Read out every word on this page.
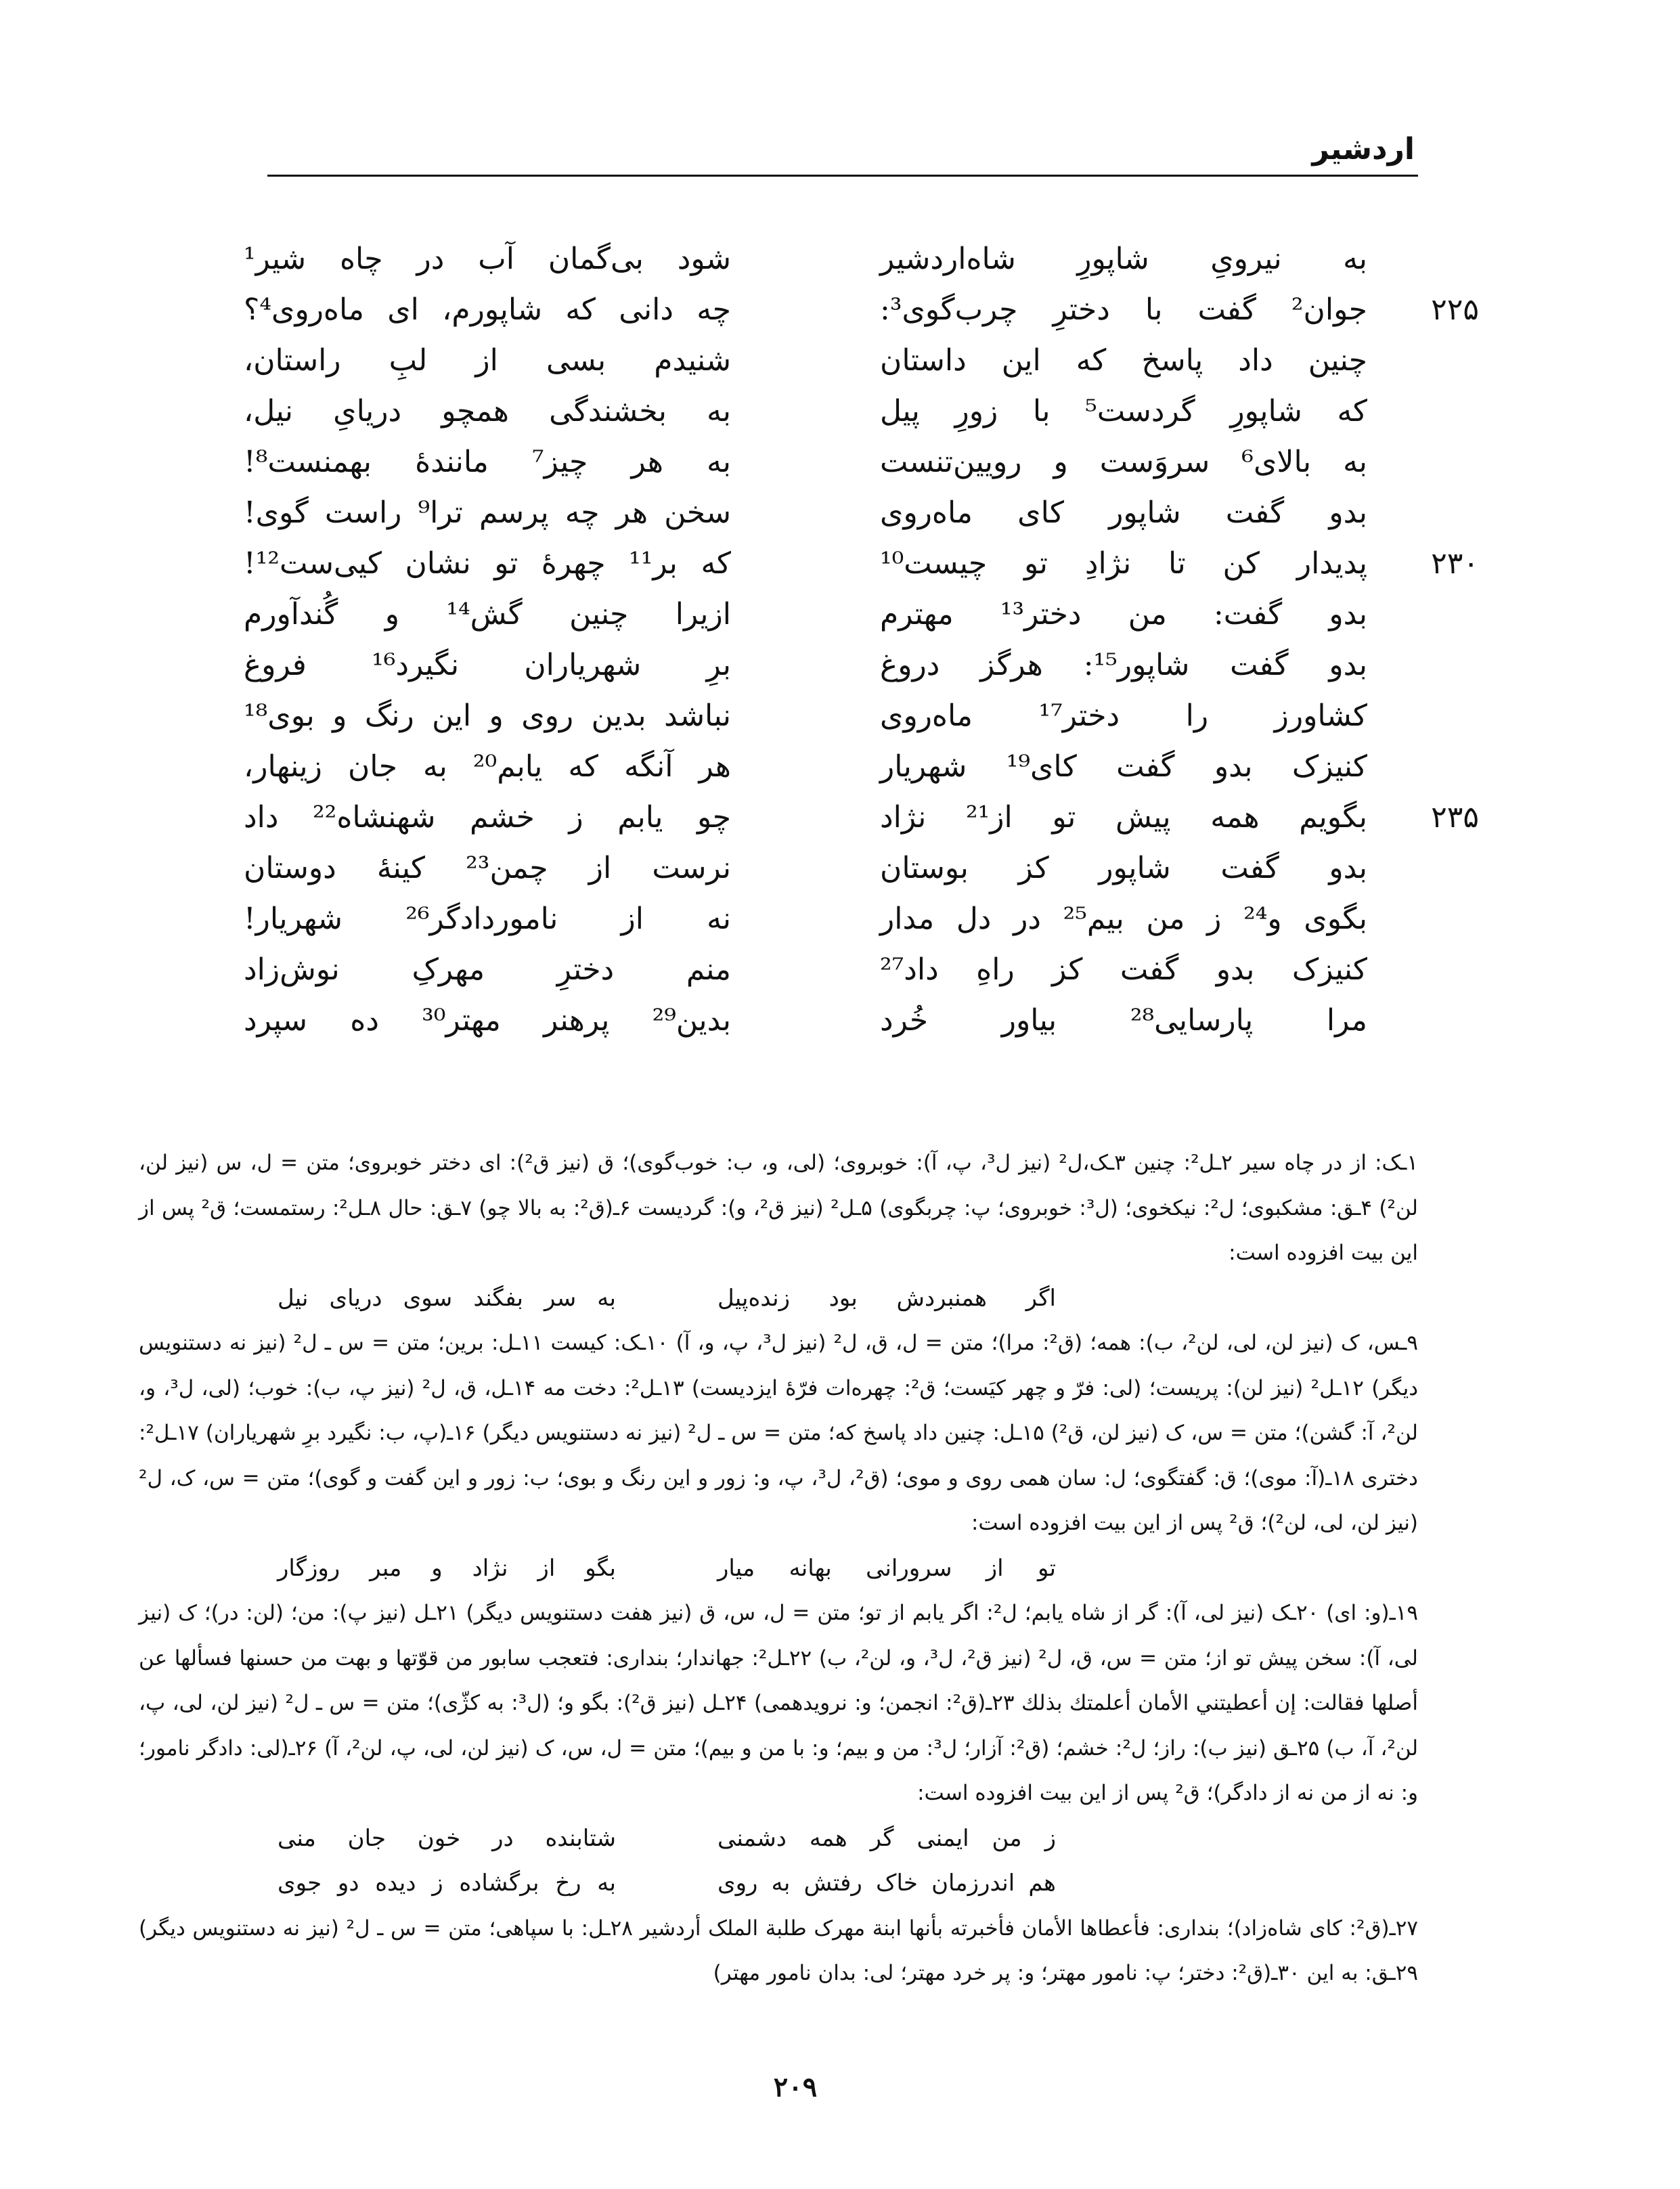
اردشیر
به نیرویِ شاپورِ شاه‌اردشیر
جوان² گفت با دخترِ چرب‌گوی³: ۲۲۵
چنین داد پاسخ که این داستان
که شاپورِ گردست⁵ با زورِ پیل
به بالای⁶ سروَست و رویین‌تنست
بدو گفت شاپور کای ماه‌روی
پدیدار کن تا نژادِ تو چیست¹⁰ ۲۳۰
بدو گفت: من دختر¹³ مهترم
بدو گفت شاپور¹⁵: هرگز دروغ
کشاورز را دختر¹⁷ ماه‌روی
کنیزک بدو گفت کای¹⁹ شهریار
بگویم همه پیش تو از²¹ نژاد ۲۳۵
بدو گفت شاپور کز بوستان
بگوی و²⁴ ز من بیم²⁵ در دل مدار
کنیزک بدو گفت کز راهِ داد²⁷
مرا پارسایی²⁸ بیاور خُرد
شود بی‌گمان آب در چاه شیر¹
چه دانی که شاپورم، ای ماه‌روی⁴؟
شنیدم بسی از لبِ راستان،
به بخشندگی همچو دریایِ نیل،
به هر چیز⁷ مانندهٔ بهمنست⁸!
سخن هر چه پرسم ترا⁹ راست گوی!
که بر¹¹ چهرهٔ تو نشان کیی‌ست¹²!
ازیرا چنین گش¹⁴ و گُندآورم
برِ شهریاران نگیرد¹⁶ فروغ
نباشد بدین روی و این رنگ و بوی¹⁸
هر آنگه که یابم²⁰ به جان زینهار،
چو یابم ز خشم شهنشاه²² داد
نرست از چمن²³ کینهٔ دوستان
نه از ناموردادگر²⁶ شهریار!
منم دخترِ مهرکِ نوش‌زاد
بدین²⁹ پرهنر مهتر³⁰ ده سپرد
۱ـک: از در چاه سیر ۲ـل²: چنین ۳ـک،ل² (نیز ل³، پ، آ): خوبروی؛ (لی، و، ب: خوب‌گوی)؛ ق (نیز ق²): ای دختر خوبروی؛ متن = ل، س (نیز لن، لن²) ۴ـق: مشکبوی؛ ل²: نیکخوی؛ (ل³: خوبروی؛ پ: چربگوی) ۵ـل² (نیز ق²، و): گردیست ۶ـ(ق²: به بالا چو) ۷ـق: حال ۸ـل²: رستمست؛ ق² پس از این بیت افزوده است:
اگر همنبردش بود زنده‌پیل
به سر بفگند سوی دریای نیل
۹ـس، ک (نیز لن، لی، لن²، ب): همه؛ (ق²: مرا)؛ متن = ل، ق، ل² (نیز ل³، پ، و، آ) ۱۰ـک: کیست ۱۱ـل: برین؛ متن = س ـ ل² (نیز نه دستنویس دیگر) ۱۲ـل² (نیز لن): پریست؛ (لی: فرّ و چهر کیَست؛ ق²: چهره‌ات فرّهٔ ایزدیست) ۱۳ـل²: دخت مه ۱۴ـل، ق، ل² (نیز پ، ب): خوب؛ (لی، ل³، و، لن²، آ: گشن)؛ متن = س، ک (نیز لن، ق²) ۱۵ـل: چنین داد پاسخ که؛ متن = س ـ ل² (نیز نه دستنویس دیگر) ۱۶ـ(پ، ب: نگیرد برِ شهریاران) ۱۷ـل²: دختری ۱۸ـ(آ: موی)؛ ق: گفتگوی؛ ل: سان همی روی و موی؛ (ق²، ل³، پ، و: زور و این رنگ و بوی؛ ب: زور و این گفت و گوی)؛ متن = س، ک، ل² (نیز لن، لی، لن²)؛ ق² پس از این بیت افزوده است:
تو از سرورانی بهانه میار
بگو از نژاد و مبر روزگار
۱۹ـ(و: ای) ۲۰ـک (نیز لی، آ): گر از شاه یابم؛ ل²: اگر یابم از تو؛ متن = ل، س، ق (نیز هفت دستنویس دیگر) ۲۱ـل (نیز پ): من؛ (لن: در)؛ ک (نیز لی، آ): سخن پیش تو از؛ متن = س، ق، ل² (نیز ق²، ل³، و، لن²، ب) ۲۲ـل²: جهاندار؛ بنداری: فتعجب سابور من قوّتها و بهت من حسنها فسألها عن أصلها فقالت: إن أعطيتني الأمان أعلمتك بذلك ۲۳ـ(ق²: انجمن؛ و: نرویدهمی) ۲۴ـل (نیز ق²): بگو و؛ (ل³: به کژّی)؛ متن = س ـ ل² (نیز لن، لی، پ، لن²، آ، ب) ۲۵ـق (نیز ب): راز؛ ل²: خشم؛ (ق²: آزار؛ ل³: من و بیم؛ و: با من و بیم)؛ متن = ل، س، ک (نیز لن، لی، پ، لن²، آ) ۲۶ـ(لی: دادگر نامور؛ و: نه از من نه از دادگر)؛ ق² پس از این بیت افزوده است:
ز من ایمنی گر همه دشمنی
شتابنده در خون جان منی
هم اندرزمان خاک رفتش به روی
به رخ برگشاده ز دیده دو جوی
۲۷ـ(ق²: کای شاه‌زاد)؛ بنداری: فأعطاها الأمان فأخبرته بأنها ابنة مهرک طلبة الملک أردشیر ۲۸ـل: با سپاهی؛ متن = س ـ ل² (نیز نه دستنویس دیگر) ۲۹ـق: به این ۳۰ـ(ق²: دختر؛ پ: نامور مهتر؛ و: پر خرد مهتر؛ لی: بدان نامور مهتر)
۲۰۹
